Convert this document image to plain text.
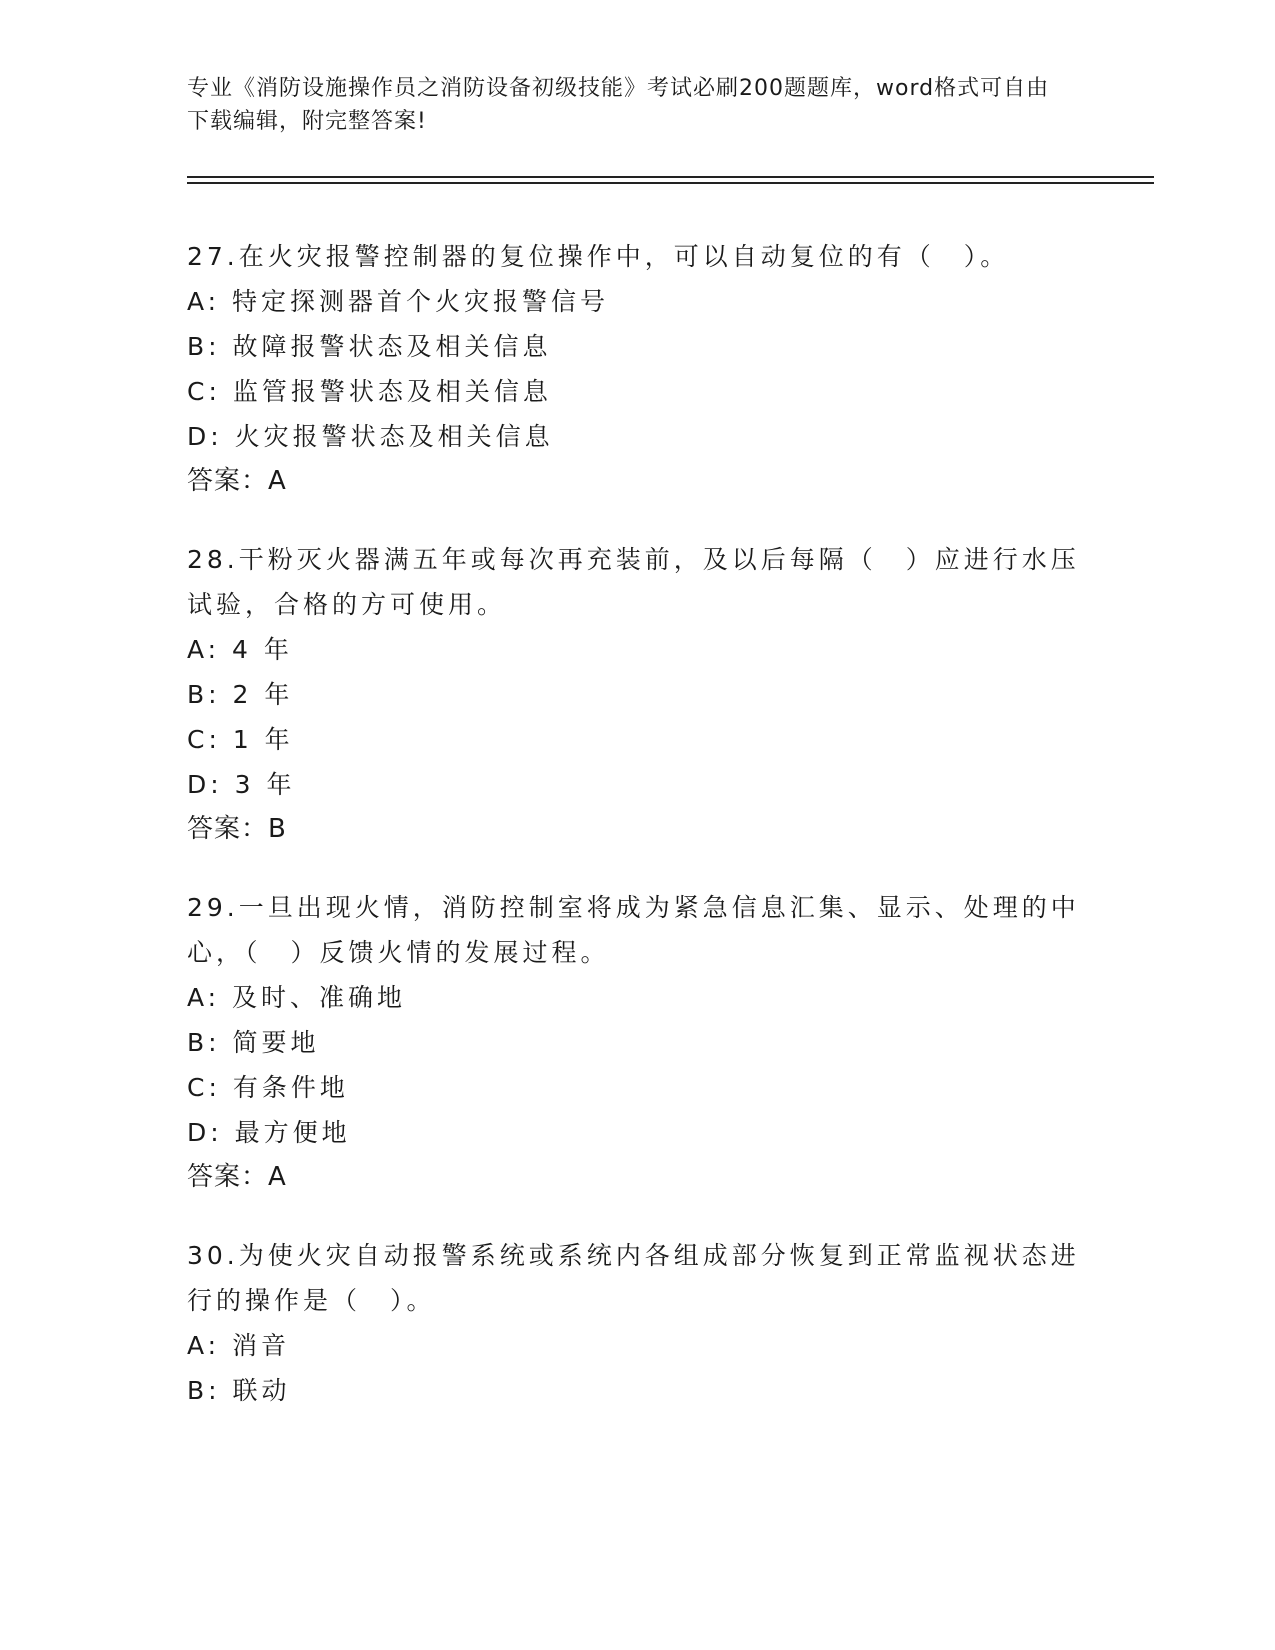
专业《消防设施操作员之消防设备初级技能》考试必刷200题题库，word格式可自由下载编辑，附完整答案!
27.在火灾报警控制器的复位操作中，可以自动复位的有（　）。
A: 特定探测器首个火灾报警信号
B: 故障报警状态及相关信息
C: 监管报警状态及相关信息
D: 火灾报警状态及相关信息
答案：A
28.干粉灭火器满五年或每次再充装前，及以后每隔（　）应进行水压试验，合格的方可使用。
A: 4 年
B: 2 年
C: 1 年
D: 3 年
答案：B
29.一旦出现火情，消防控制室将成为紧急信息汇集、显示、处理的中心，（　）反馈火情的发展过程。
A: 及时、准确地
B: 简要地
C: 有条件地
D: 最方便地
答案：A
30.为使火灾自动报警系统或系统内各组成部分恢复到正常监视状态进行的操作是（　）。
A: 消音
B: 联动
